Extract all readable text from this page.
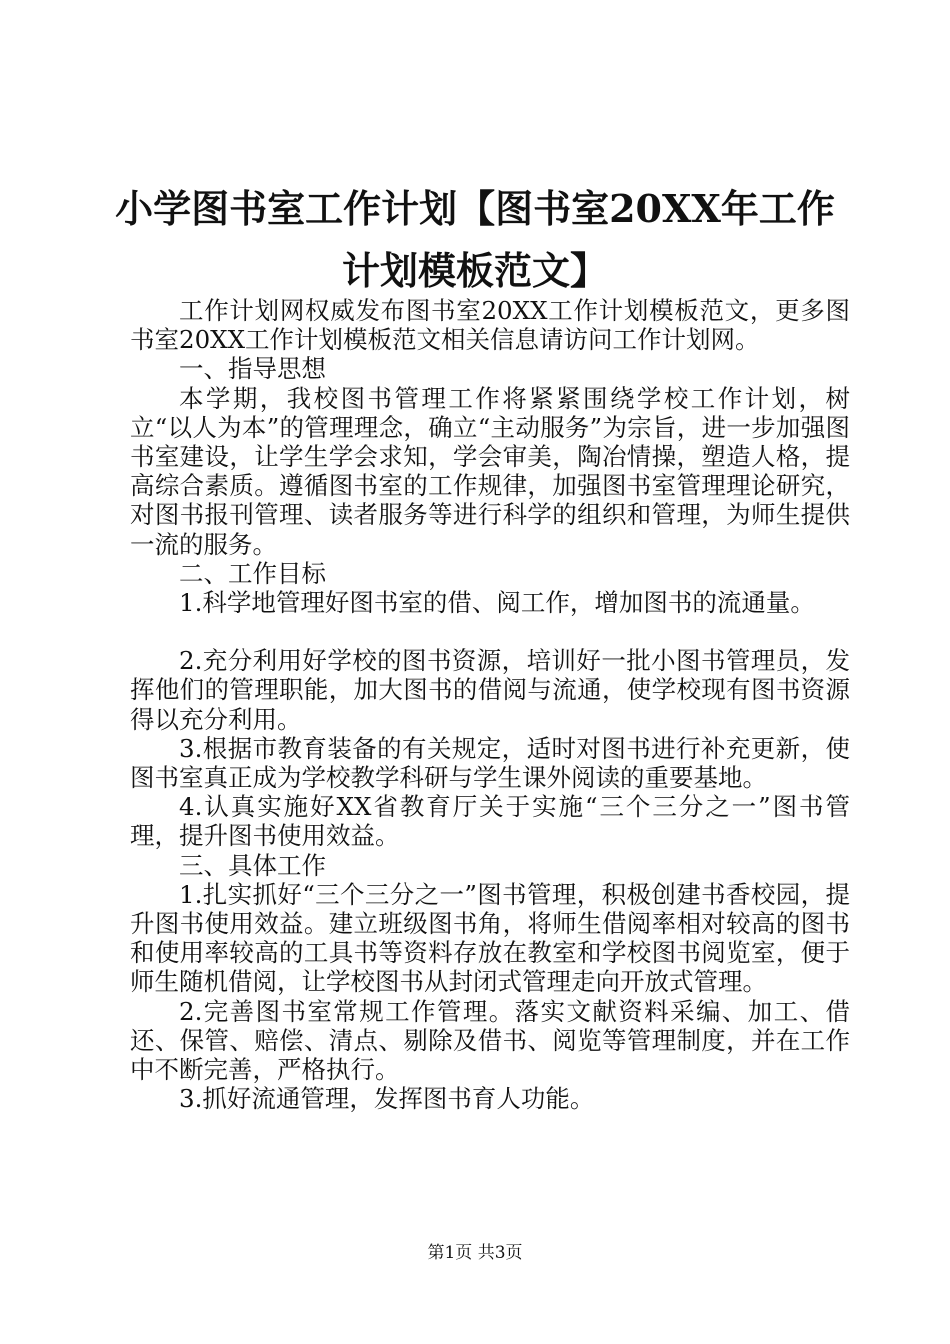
小学图书室工作计划【图书室20XX年工作计划模板范文】

工作计划网权威发布图书室20XX工作计划模板范文，更多图书室20XX工作计划模板范文相关信息请访问工作计划网。

一、指导思想

本学期，我校图书管理工作将紧紧围绕学校工作计划，树立“以人为本”的管理理念，确立“主动服务”为宗旨，进一步加强图书室建设，让学生学会求知，学会审美，陶冶情操，塑造人格，提高综合素质。遵循图书室的工作规律，加强图书室管理理论研究，对图书报刊管理、读者服务等进行科学的组织和管理，为师生提供一流的服务。

二、工作目标

1.科学地管理好图书室的借、阅工作，增加图书的流通量。

2.充分利用好学校的图书资源，培训好一批小图书管理员，发挥他们的管理职能，加大图书的借阅与流通，使学校现有图书资源得以充分利用。

3.根据市教育装备的有关规定，适时对图书进行补充更新，使图书室真正成为学校教学科研与学生课外阅读的重要基地。

4.认真实施好XX省教育厅关于实施“三个三分之一”图书管理，提升图书使用效益。

三、具体工作

1.扎实抓好“三个三分之一”图书管理，积极创建书香校园，提升图书使用效益。建立班级图书角，将师生借阅率相对较高的图书和使用率较高的工具书等资料存放在教室和学校图书阅览室，便于师生随机借阅，让学校图书从封闭式管理走向开放式管理。

2.完善图书室常规工作管理。落实文献资料采编、加工、借还、保管、赔偿、清点、剔除及借书、阅览等管理制度，并在工作中不断完善，严格执行。

3.抓好流通管理，发挥图书育人功能。

第1页 共3页
